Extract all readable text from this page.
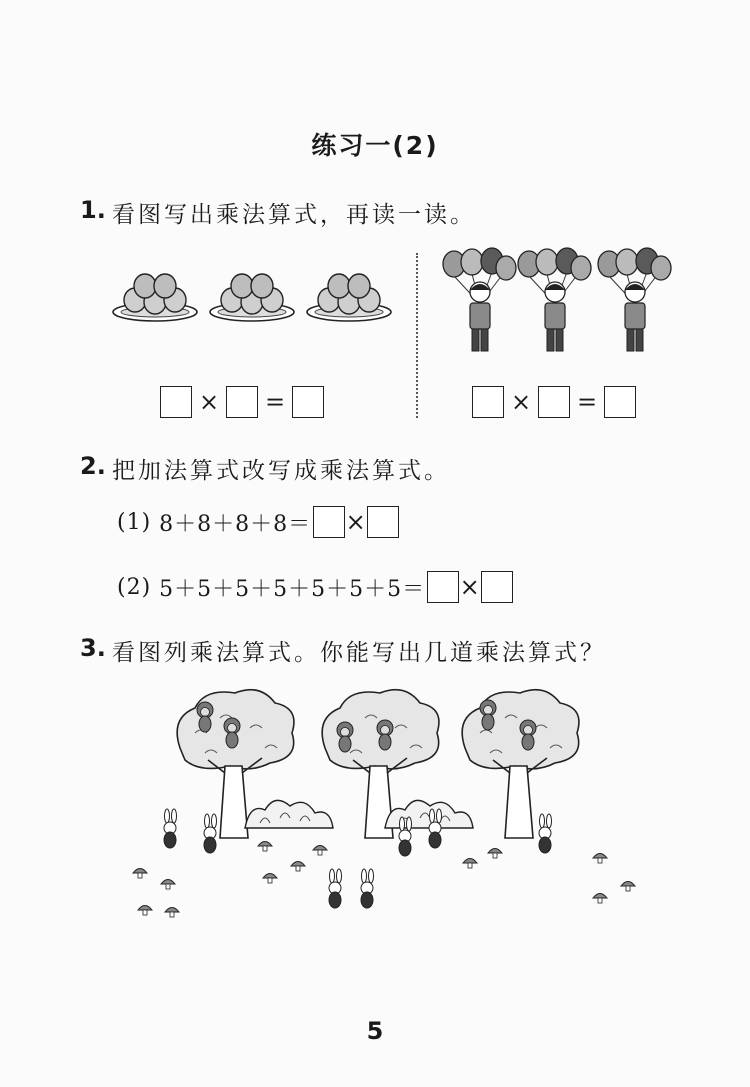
练习一(2)
1. 看图写出乘法算式，再读一读。
× =	× =
2. 把加法算式改写成乘法算式。
(1) 8＋8＋8＋8＝ ×
(2) 5＋5＋5＋5＋5＋5＋5＝ ×
3. 看图列乘法算式。你能写出几道乘法算式？
5
